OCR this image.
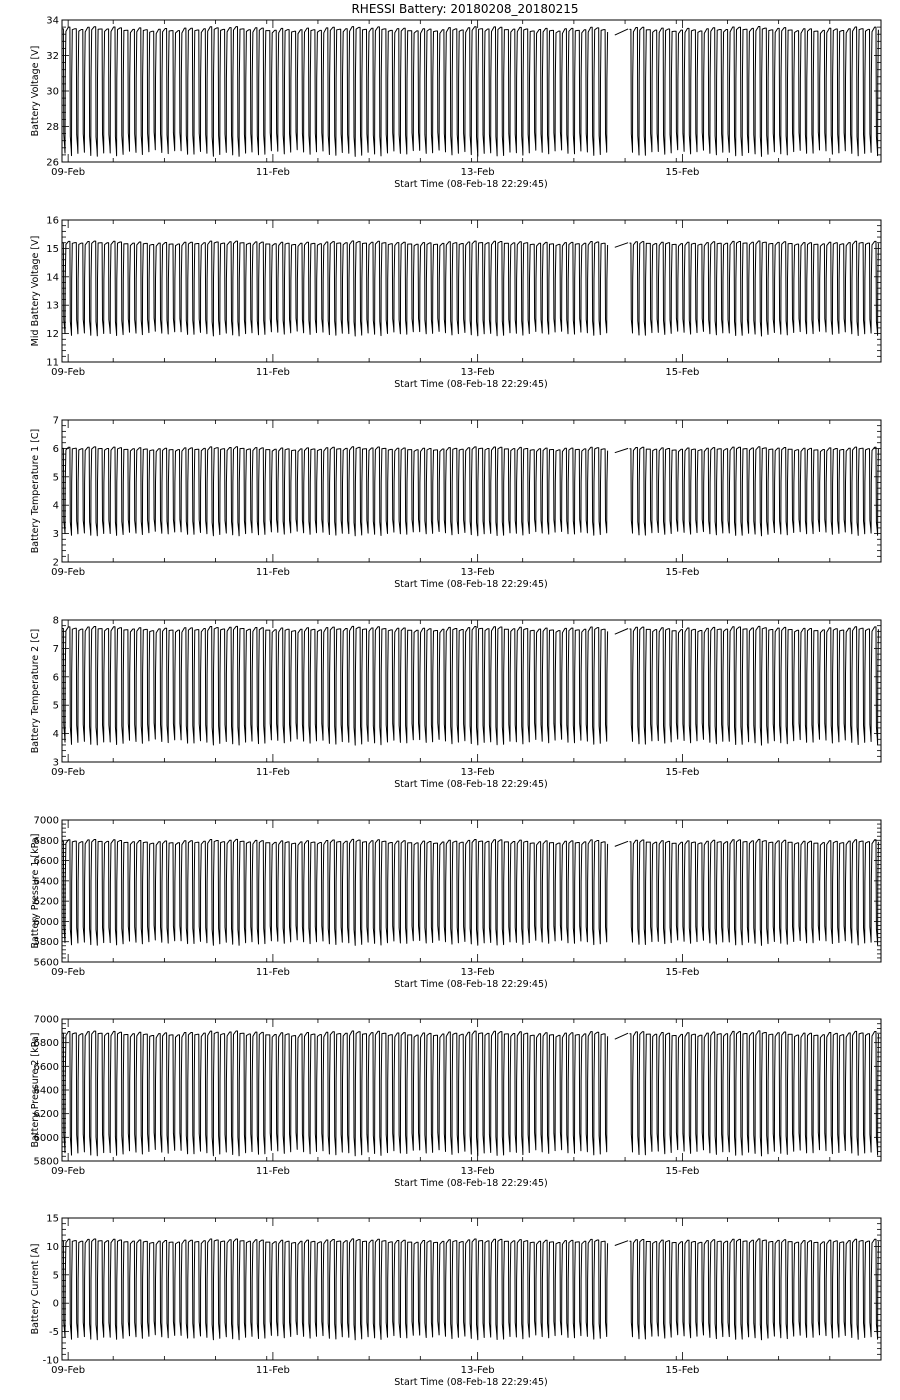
RHESSI Battery: 20180208_20180215
26
28
30
32
34
09-Feb	11-Feb	13-Feb	15-Feb
Start Time (08-Feb-18 22:29:45)
Battery Voltage [V]
11
12
13
14
15
16
09-Feb	11-Feb	13-Feb	15-Feb
Start Time (08-Feb-18 22:29:45)
Mid Battery Voltage [V]
2
3
4
5
6
7
09-Feb	11-Feb	13-Feb	15-Feb
Start Time (08-Feb-18 22:29:45)
Battery Temperature 1 [C]
3
4
5
6
7
8
09-Feb	11-Feb	13-Feb	15-Feb
Start Time (08-Feb-18 22:29:45)
Battery Temperature 2 [C]
5600
5800
6000
6200
6400
6600
6800
7000
09-Feb	11-Feb	13-Feb	15-Feb
Start Time (08-Feb-18 22:29:45)
Battery Pressure 1 [kPa]
5800
6000
6200
6400
6600
6800
7000
09-Feb	11-Feb	13-Feb	15-Feb
Start Time (08-Feb-18 22:29:45)
Battery Pressure 2 [kPa]
-10
-5
0
5
10
15
09-Feb	11-Feb	13-Feb	15-Feb
Start Time (08-Feb-18 22:29:45)
Battery Current [A]
